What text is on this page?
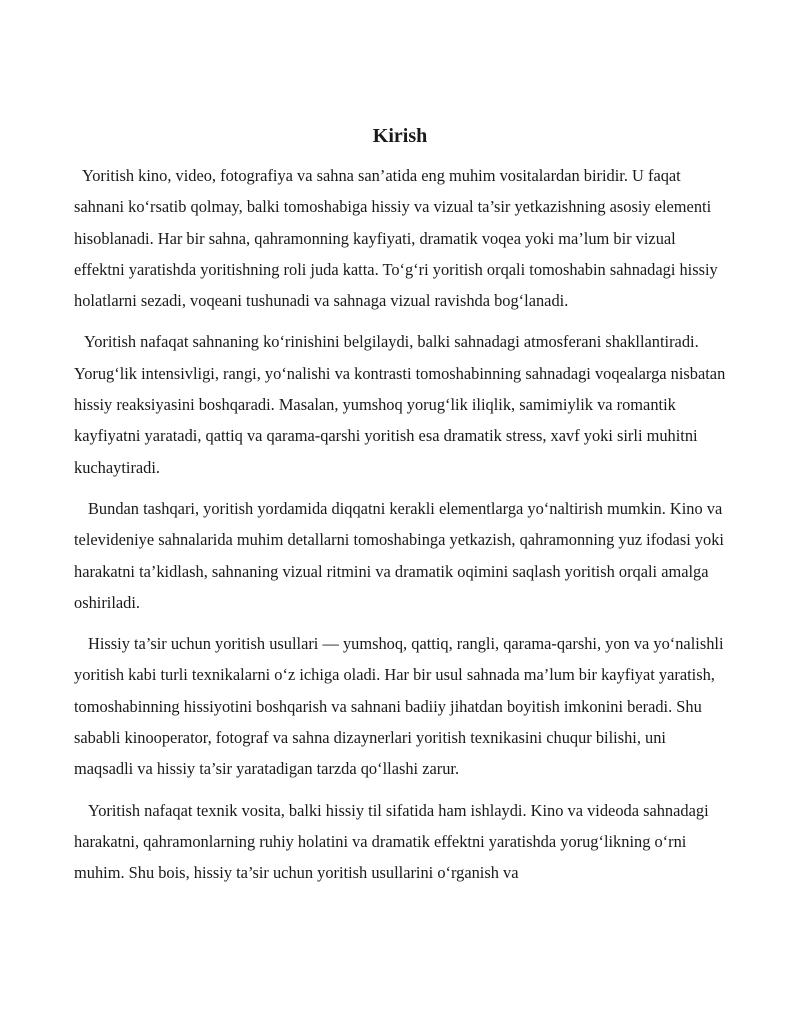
Kirish

Yoritish kino, video, fotografiya va sahna san’atida eng muhim vositalardan biridir. U faqat sahnani ko‘rsatib qolmay, balki tomoshabiga hissiy va vizual ta’sir yetkazishning asosiy elementi hisoblanadi. Har bir sahna, qahramonning kayfiyati, dramatik voqea yoki ma’lum bir vizual effektni yaratishda yoritishning roli juda katta. To‘g‘ri yoritish orqali tomoshabin sahnadagi hissiy holatlarni sezadi, voqeani tushunadi va sahnaga vizual ravishda bog‘lanadi.

Yoritish nafaqat sahnaning ko‘rinishini belgilaydi, balki sahnadagi atmosferani shakllantiradi. Yorug‘lik intensivligi, rangi, yo‘nalishi va kontrasti tomoshabinning sahnadagi voqealarga nisbatan hissiy reaksiyasini boshqaradi. Masalan, yumshoq yorug‘lik iliqlik, samimiylik va romantik kayfiyatni yaratadi, qattiq va qarama-qarshi yoritish esa dramatik stress, xavf yoki sirli muhitni kuchaytiradi.

Bundan tashqari, yoritish yordamida diqqatni kerakli elementlarga yo‘naltirish mumkin. Kino va televideniye sahnalarida muhim detallarni tomoshabinga yetkazish, qahramonning yuz ifodasi yoki harakatni ta’kidlash, sahnaning vizual ritmini va dramatik oqimini saqlash yoritish orqali amalga oshiriladi.

Hissiy ta’sir uchun yoritish usullari — yumshoq, qattiq, rangli, qarama-qarshi, yon va yo‘nalishli yoritish kabi turli texnikalarni o‘z ichiga oladi. Har bir usul sahnada ma’lum bir kayfiyat yaratish, tomoshabinning hissiyotini boshqarish va sahnani badiiy jihatdan boyitish imkonini beradi. Shu sababli kinooperator, fotograf va sahna dizaynerlari yoritish texnikasini chuqur bilishi, uni maqsadli va hissiy ta’sir yaratadigan tarzda qo‘llashi zarur.

Yoritish nafaqat texnik vosita, balki hissiy til sifatida ham ishlaydi. Kino va videoda sahnadagi harakatni, qahramonlarning ruhiy holatini va dramatik effektni yaratishda yorug‘likning o‘rni muhim. Shu bois, hissiy ta’sir uchun yoritish usullarini o‘rganish va
